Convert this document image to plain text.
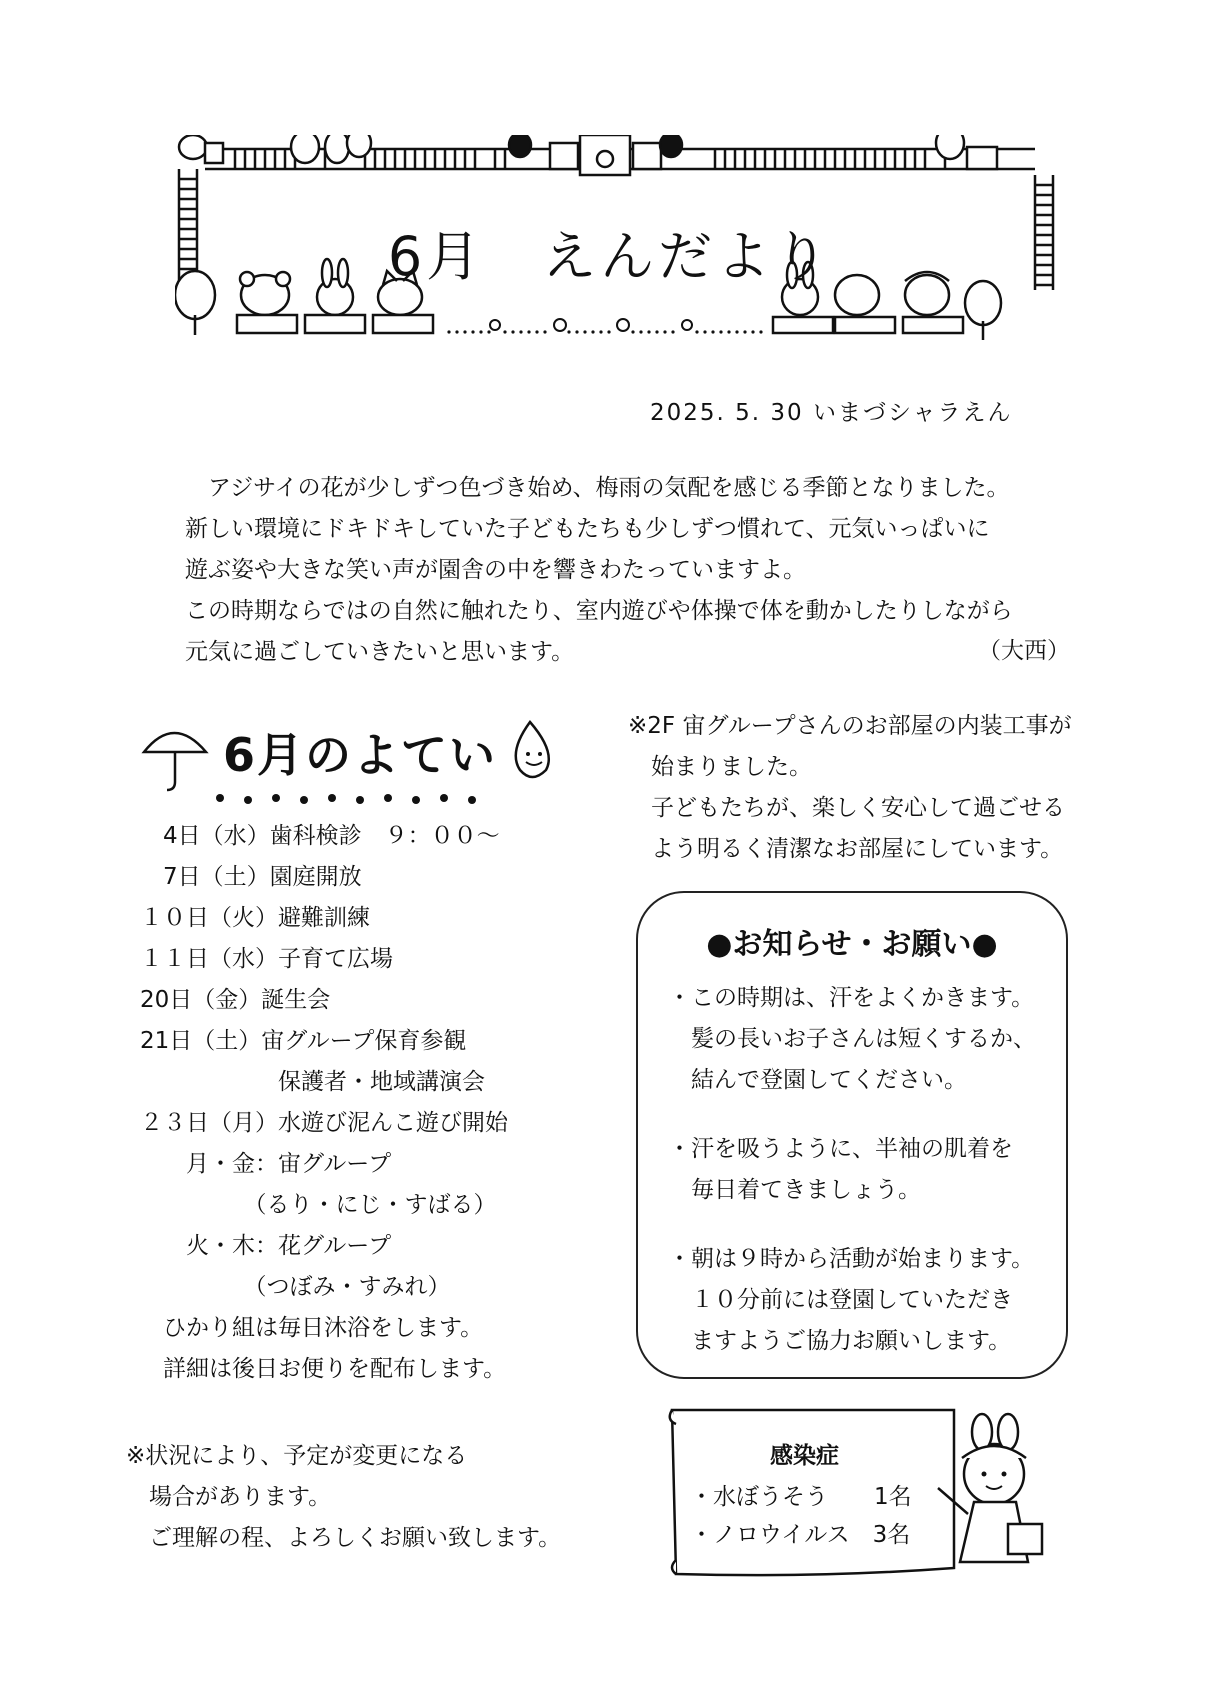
6月　えんだより
2025. 5. 30 いまづシャラえん
　アジサイの花が少しずつ色づき始め、梅雨の気配を感じる季節となりました。
新しい環境にドキドキしていた子どもたちも少しずつ慣れて、元気いっぱいに
遊ぶ姿や大きな笑い声が園舎の中を響きわたっていますよ。
この時期ならではの自然に触れたり、室内遊びや体操で体を動かしたりしながら
元気に過ごしていきたいと思います。	（大西）
6月のよてい
　4日（水）歯科検診　９：００～
　7日（土）園庭開放
１０日（火）避難訓練
１１日（水）子育て広場
20日（金）誕生会
21日（土）宙グループ保育参観
　　　　　　保護者・地域講演会
２３日（月）水遊び泥んこ遊び開始
　　月・金：宙グループ
　　　　　（るり・にじ・すばる）
　　火・木：花グループ
　　　　　（つぼみ・すみれ）
　ひかり組は毎日沐浴をします。
　詳細は後日お便りを配布します。
※状況により、予定が変更になる
　場合があります。
　ご理解の程、よろしくお願い致します。
※2F 宙グループさんのお部屋の内装工事が
　始まりました。
　子どもたちが、楽しく安心して過ごせる
　よう明るく清潔なお部屋にしています。
●お知らせ・お願い●
・この時期は、汗をよくかきます。
　髪の長いお子さんは短くするか、
　結んで登園してください。
・汗を吸うように、半袖の肌着を
　毎日着てきましょう。
・朝は９時から活動が始まります。
　１０分前には登園していただき
　ますようご協力お願いします。
感染症
・水ぼうそう　　1名
・ノロウイルス　3名
